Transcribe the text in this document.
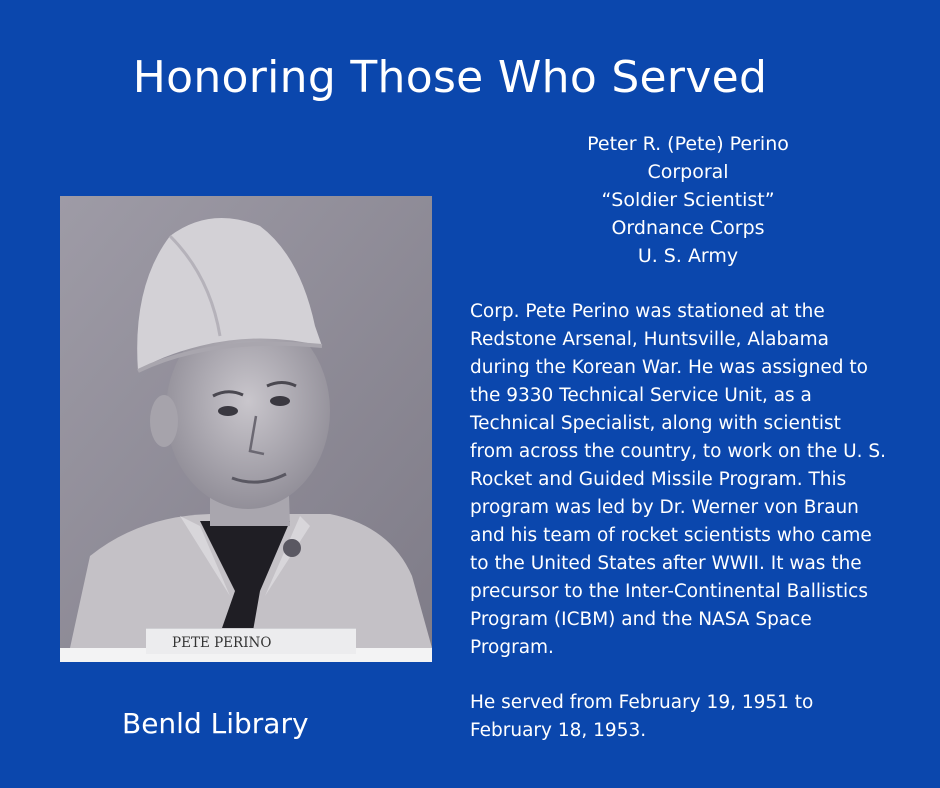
Honoring Those Who Served
Peter R. (Pete) Perino
Corporal
“Soldier Scientist”
Ordnance Corps
U. S. Army
PETE PERINO
Corp. Pete Perino was stationed at the
Redstone Arsenal, Huntsville, Alabama
during the Korean War. He was assigned to
the 9330 Technical Service Unit, as a
Technical Specialist, along with scientist
from across the country, to work on the U. S.
Rocket and Guided Missile Program. This
program was led by Dr. Werner von Braun
and his team of rocket scientists who came
to the United States after WWII. It was the
precursor to the Inter-Continental Ballistics
Program (ICBM) and the NASA Space
Program.
He served from February 19, 1951 to
February 18, 1953.

Benld Library
